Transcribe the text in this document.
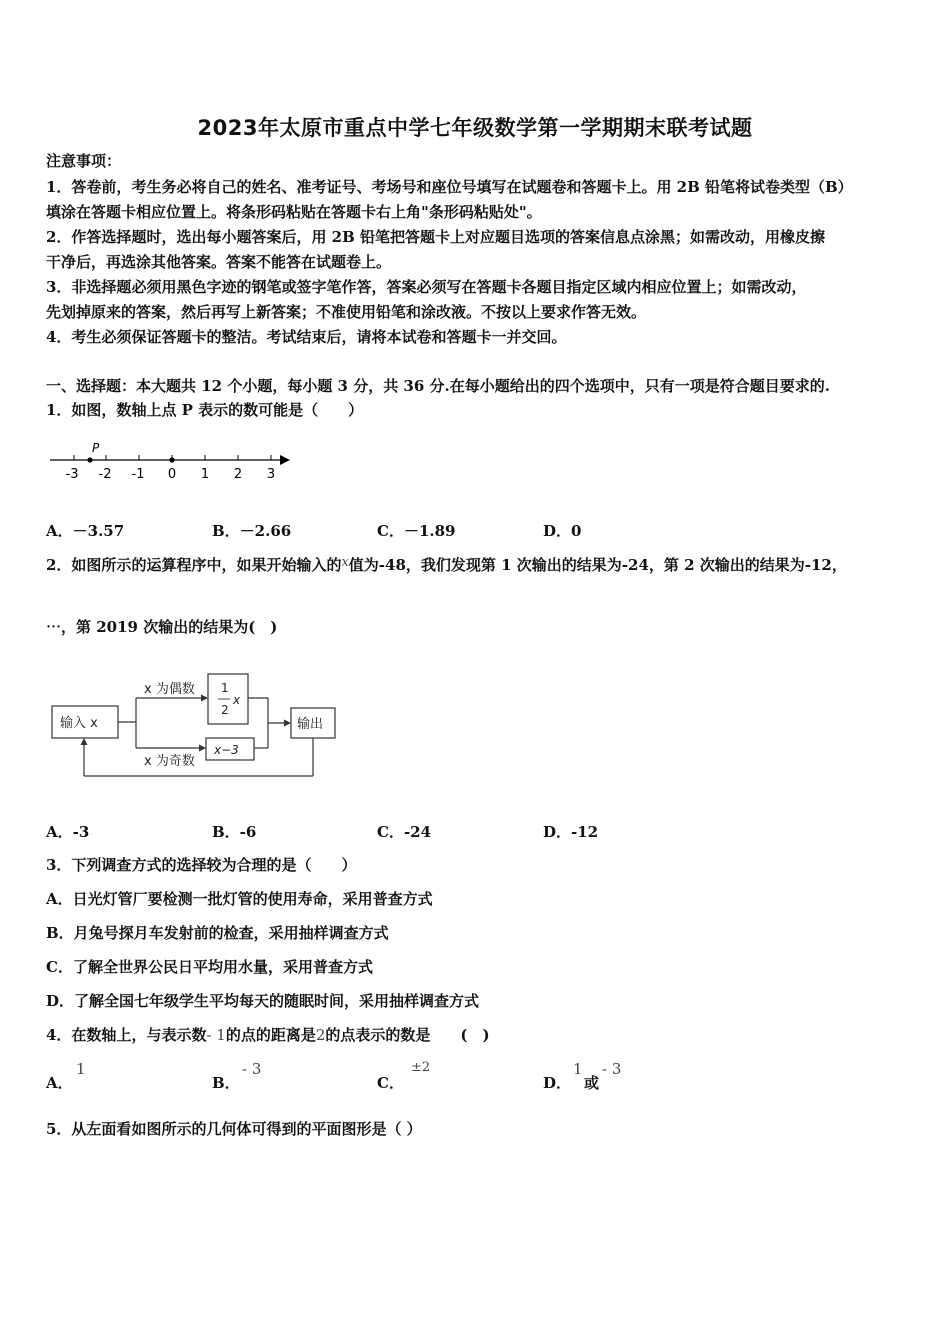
2023年太原市重点中学七年级数学第一学期期末联考试题
注意事项：
1．答卷前，考生务必将自己的姓名、准考证号、考场号和座位号填写在试题卷和答题卡上。用 2B 铅笔将试卷类型（B）
填涂在答题卡相应位置上。将条形码粘贴在答题卡右上角"条形码粘贴处"。
2．作答选择题时，选出每小题答案后，用 2B 铅笔把答题卡上对应题目选项的答案信息点涂黑；如需改动，用橡皮擦
干净后，再选涂其他答案。答案不能答在试题卷上。
3．非选择题必须用黑色字迹的钢笔或签字笔作答，答案必须写在答题卡各题目指定区域内相应位置上；如需改动，
先划掉原来的答案，然后再写上新答案；不准使用铅笔和涂改液。不按以上要求作答无效。
4．考生必须保证答题卡的整洁。考试结束后，请将本试卷和答题卡一并交回。
一、选择题：本大题共 12 个小题，每小题 3 分，共 36 分.在每小题给出的四个选项中，只有一项是符合题目要求的.
1．如图，数轴上点 P 表示的数可能是（　　）
P
-3 -2 -1 0 1 2 3
A．－3.57	B．－2.66	C．－1.89	D．0
2．如图所示的运算程序中，如果开始输入的x值为-48，我们发现第 1 次输出的结果为-24，第 2 次输出的结果为-12，
⋯，第 2019 次输出的结果为(　)
输入 x
x 为偶数
x 为奇数
1
2
x
x−3
输出
A．-3	B．-6	C．-24	D．-12
3．下列调查方式的选择较为合理的是（　　）
A．日光灯管厂要检测一批灯管的使用寿命，采用普查方式
B．月兔号探月车发射前的检查，采用抽样调查方式
C．了解全世界公民日平均用水量，采用普查方式
D．了解全国七年级学生平均每天的随眠时间，采用抽样调查方式
4．在数轴上，与表示数- 1的点的距离是2的点表示的数是　　(　)
A．
1
B．
- 3
C．
±2
D．
1
或
- 3
5．从左面看如图所示的几何体可得到的平面图形是（ ）
